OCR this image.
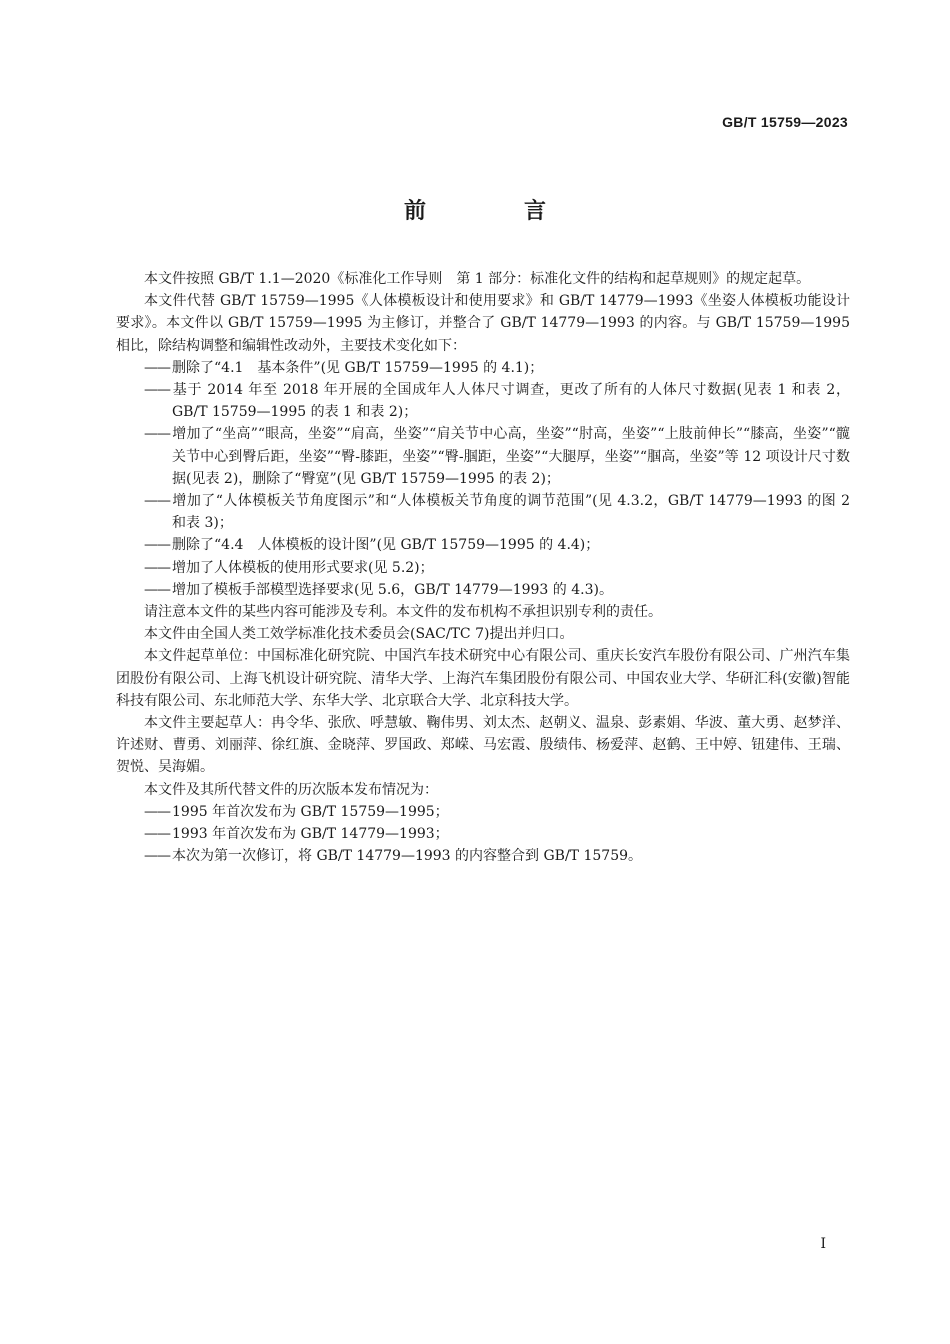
GB/T 15759—2023
前　言

本文件按照 GB/T 1.1—2020《标准化工作导则　第 1 部分：标准化文件的结构和起草规则》的规定起草。

本文件代替 GB/T 15759—1995《人体模板设计和使用要求》和 GB/T 14779—1993《坐姿人体模板功能设计要求》。本文件以 GB/T 15759—1995 为主修订，并整合了 GB/T 14779—1993 的内容。与 GB/T 15759—1995 相比，除结构调整和编辑性改动外，主要技术变化如下：

—— 删除了“4.1　基本条件”(见 GB/T 15759—1995 的 4.1)；

—— 基于 2014 年至 2018 年开展的全国成年人人体尺寸调查，更改了所有的人体尺寸数据(见表 1 和表 2，GB/T 15759—1995 的表 1 和表 2)；

—— 增加了“坐高”“眼高，坐姿”“肩高，坐姿”“肩关节中心高，坐姿”“肘高，坐姿”“上肢前伸长”“膝高，坐姿”“髋关节中心到臀后距，坐姿”“臀-膝距，坐姿”“臀-腘距，坐姿”“大腿厚，坐姿”“腘高，坐姿”等 12 项设计尺寸数据(见表 2)，删除了“臀宽”(见 GB/T 15759—1995 的表 2)；

—— 增加了“人体模板关节角度图示”和“人体模板关节角度的调节范围”(见 4.3.2，GB/T 14779—1993 的图 2 和表 3)；

—— 删除了“4.4　人体模板的设计图”(见 GB/T 15759—1995 的 4.4)；

—— 增加了人体模板的使用形式要求(见 5.2)；

—— 增加了模板手部模型选择要求(见 5.6，GB/T 14779—1993 的 4.3)。

请注意本文件的某些内容可能涉及专利。本文件的发布机构不承担识别专利的责任。

本文件由全国人类工效学标准化技术委员会(SAC/TC 7)提出并归口。

本文件起草单位：中国标准化研究院、中国汽车技术研究中心有限公司、重庆长安汽车股份有限公司、广州汽车集团股份有限公司、上海飞机设计研究院、清华大学、上海汽车集团股份有限公司、中国农业大学、华研汇科(安徽)智能科技有限公司、东北师范大学、东华大学、北京联合大学、北京科技大学。

本文件主要起草人：冉令华、张欣、呼慧敏、鞠伟男、刘太杰、赵朝义、温泉、彭素娟、华波、董大勇、赵梦洋、许述财、曹勇、刘丽萍、徐红旗、金晓萍、罗国政、郑嵘、马宏霞、殷绩伟、杨爱萍、赵鹤、王中婷、钮建伟、王瑞、贺悦、吴海媚。

本文件及其所代替文件的历次版本发布情况为：

—— 1995 年首次发布为 GB/T 15759—1995；

—— 1993 年首次发布为 GB/T 14779—1993；

—— 本次为第一次修订，将 GB/T 14779—1993 的内容整合到 GB/T 15759。

I
